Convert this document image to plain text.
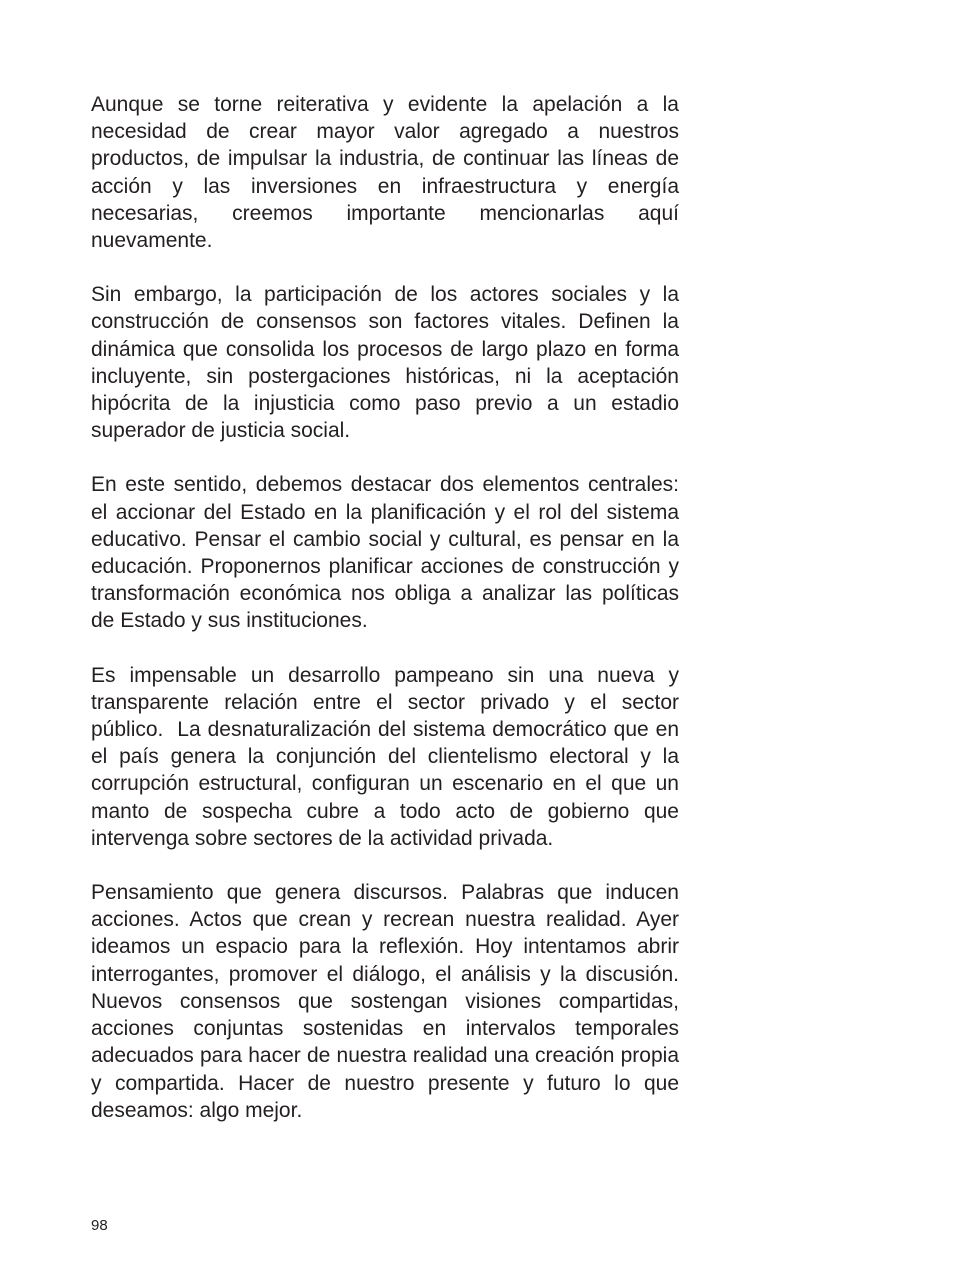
Aunque se torne reiterativa y evidente la apelación a la necesidad de crear mayor valor agregado a nuestros productos, de impulsar la industria, de continuar las líneas de acción y las inversiones en infraestructura y energía necesarias, creemos importante mencionarlas aquí nuevamente.

Sin embargo, la participación de los actores sociales y la construcción de consensos son factores vitales. Definen la dinámica que consolida los procesos de largo plazo en forma incluyente, sin postergaciones históricas, ni la aceptación hipócrita de la injusticia como paso previo a un estadio superador de justicia social.

En este sentido, debemos destacar dos elementos centrales: el accionar del Estado en la planificación y el rol del sistema educativo. Pensar el cambio social y cultural, es pensar en la educación. Proponernos planificar acciones de construcción y transformación económica nos obliga a analizar las políticas de Estado y sus instituciones.

Es impensable un desarrollo pampeano sin una nueva y transparente relación entre el sector privado y el sector público.  La desnaturalización del sistema democrático que en el país genera la conjunción del clientelismo electoral y la corrupción estructural, configuran un escenario en el que un manto de sospecha cubre a todo acto de gobierno que intervenga sobre sectores de la actividad privada.

Pensamiento que genera discursos. Palabras que inducen acciones. Actos que crean y recrean nuestra realidad. Ayer ideamos un espacio para la reflexión. Hoy intentamos abrir interrogantes, promover el diálogo, el análisis y la discusión.  Nuevos consensos que sostengan visiones compartidas, acciones conjuntas sostenidas en intervalos temporales adecuados para hacer de nuestra realidad una creación propia y compartida. Hacer de nuestro presente y futuro lo que deseamos: algo mejor.

98
